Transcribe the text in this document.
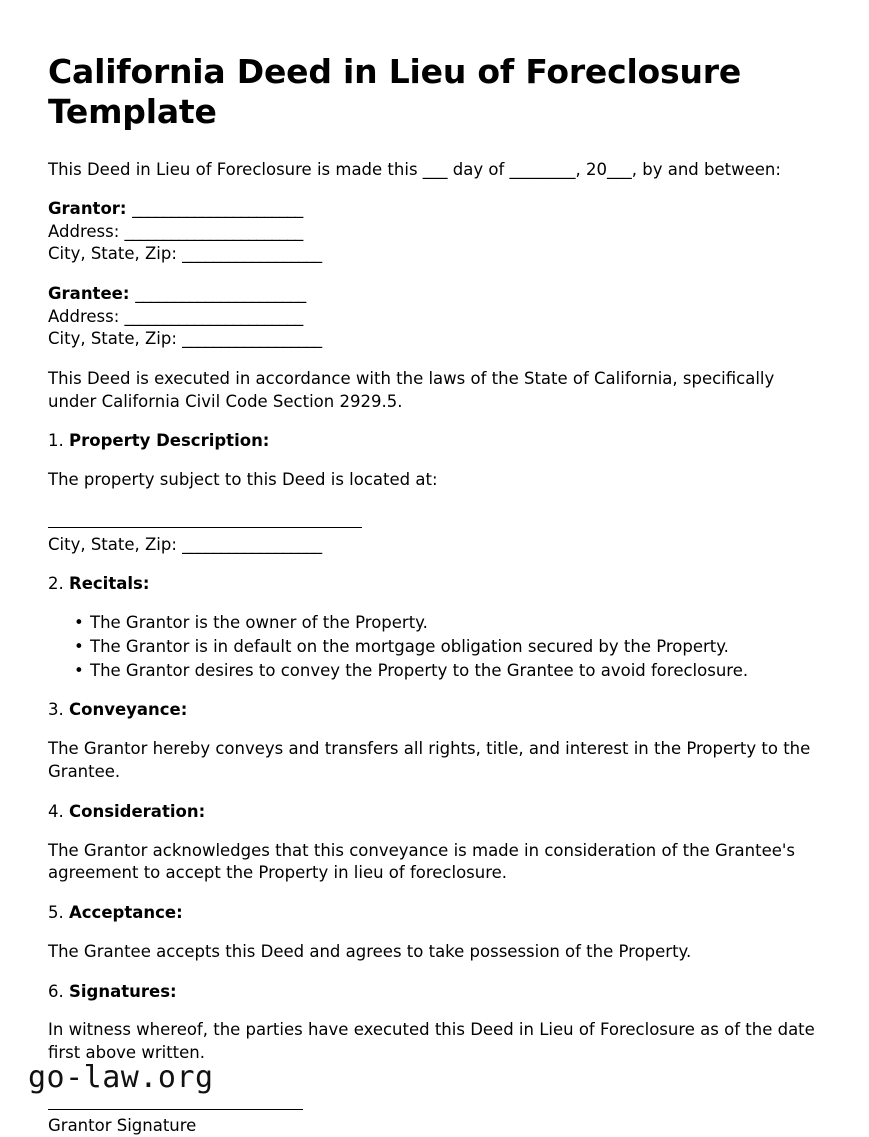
California Deed in Lieu of Foreclosure Template

This Deed in Lieu of Foreclosure is made this ___ day of ________, 20___, by and between:

Grantor: ______________________
Address: _______________________
City, State, Zip: __________________
Grantee: ______________________
Address: _______________________
City, State, Zip: __________________

This Deed is executed in accordance with the laws of the State of California, specifically under California Civil Code Section 2929.5.

1. Property Description:

The property subject to this Deed is located at:

City, State, Zip: __________________

2. Recitals:

• The Grantor is the owner of the Property.
• The Grantor is in default on the mortgage obligation secured by the Property.
• The Grantor desires to convey the Property to the Grantee to avoid foreclosure.

3. Conveyance:

The Grantor hereby conveys and transfers all rights, title, and interest in the Property to the Grantee.

4. Consideration:

The Grantor acknowledges that this conveyance is made in consideration of the Grantee's agreement to accept the Property in lieu of foreclosure.

5. Acceptance:

The Grantee accepts this Deed and agrees to take possession of the Property.

6. Signatures:

In witness whereof, the parties have executed this Deed in Lieu of Foreclosure as of the date first above written.

Grantor Signature

go-law.org
